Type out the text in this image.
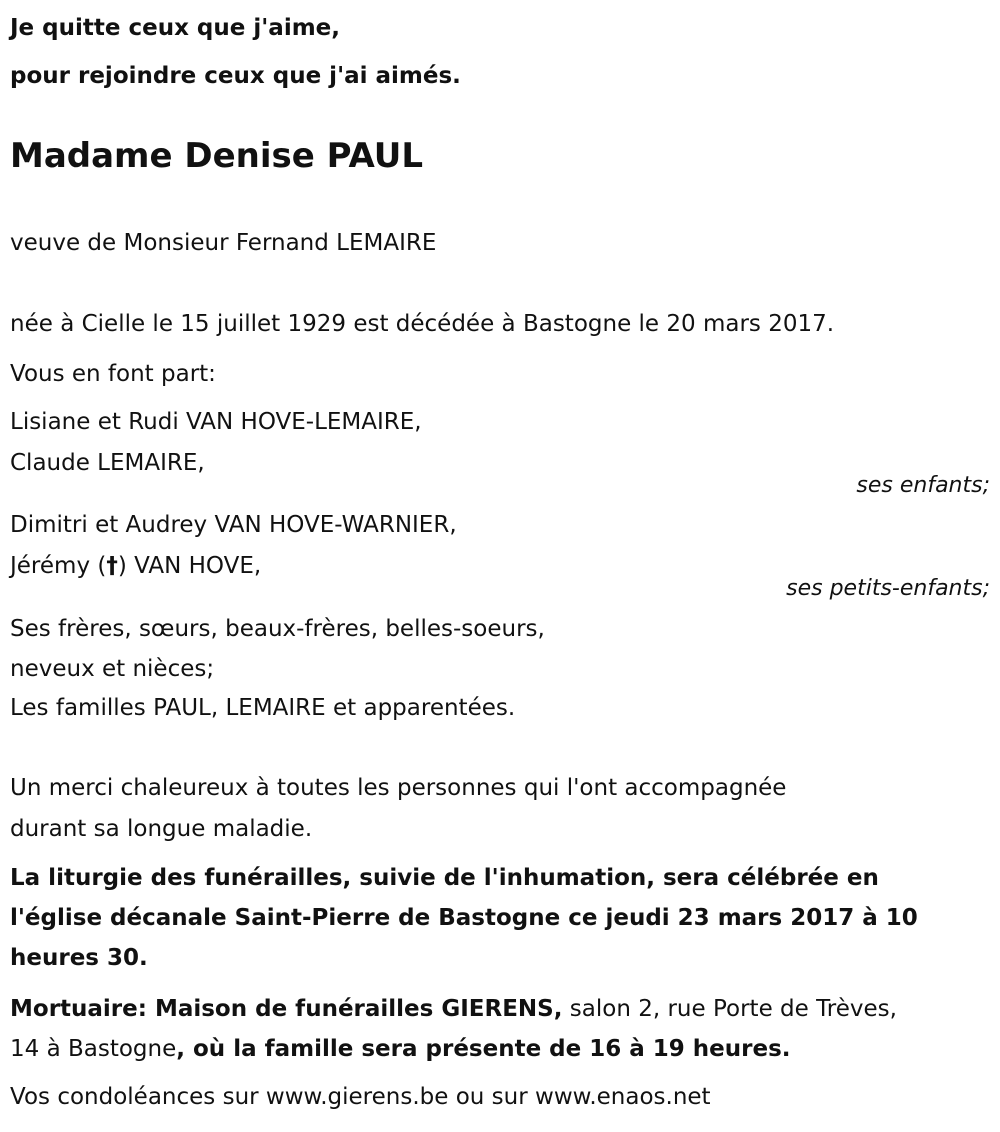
Je quitte ceux que j'aime,
pour rejoindre ceux que j'ai aimés.
Madame Denise PAUL
veuve de Monsieur Fernand LEMAIRE
née à Cielle le 15 juillet 1929 est décédée à Bastogne le 20 mars 2017.
Vous en font part:
Lisiane et Rudi VAN HOVE-LEMAIRE,
Claude LEMAIRE,
ses enfants;
Dimitri et Audrey VAN HOVE-WARNIER,
Jérémy (†) VAN HOVE,
ses petits-enfants;
Ses frères, sœurs, beaux-frères, belles-soeurs,
neveux et nièces;
Les familles PAUL, LEMAIRE et apparentées.
Un merci chaleureux à toutes les personnes qui l'ont accompagnée
durant sa longue maladie.
La liturgie des funérailles, suivie de l'inhumation, sera célébrée en
l'église décanale Saint-Pierre de Bastogne ce jeudi 23 mars 2017 à 10
heures 30.
Mortuaire: Maison de funérailles GIERENS, salon 2, rue Porte de Trèves,
14 à Bastogne, où la famille sera présente de 16 à 19 heures.
Vos condoléances sur www.gierens.be ou sur www.enaos.net
